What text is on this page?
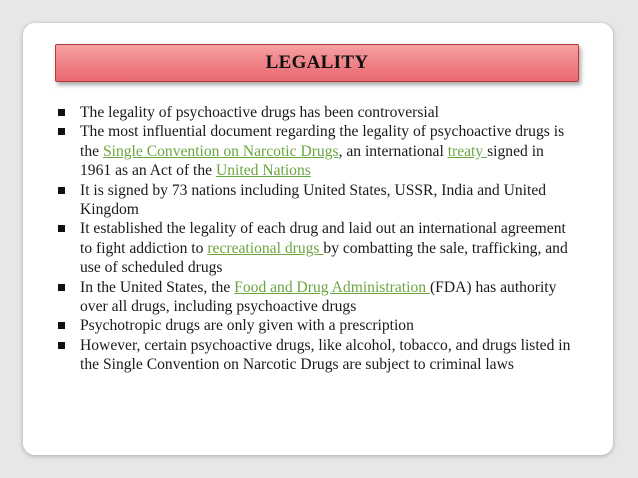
LEGALITY
The legality of psychoactive drugs has been controversial
The most influential document regarding the legality of psychoactive drugs is the Single Convention on Narcotic Drugs, an international treaty signed in 1961 as an Act of the United Nations
It is signed by 73 nations including United States, USSR, India and United Kingdom
It established the legality of each drug and laid out an international agreement to fight addiction to recreational drugs by combatting the sale, trafficking, and use of scheduled drugs
In the United States, the Food and Drug Administration (FDA) has authority over all drugs, including psychoactive drugs
Psychotropic drugs are only given with a prescription
However, certain psychoactive drugs, like alcohol, tobacco, and drugs listed in the Single Convention on Narcotic Drugs are subject to criminal laws
